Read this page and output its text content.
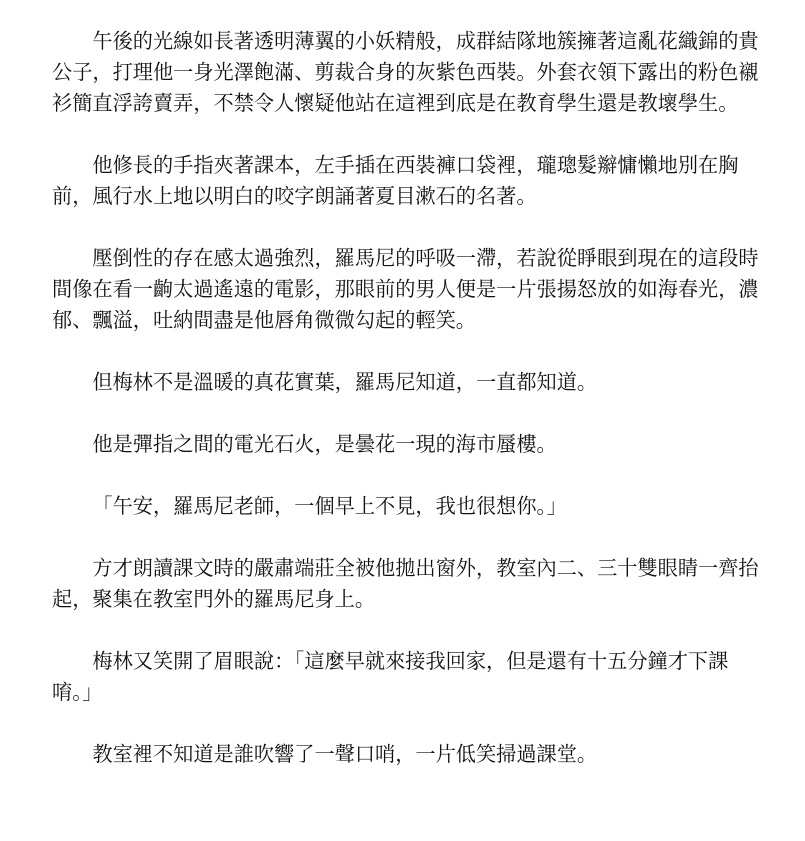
午後的光線如長著透明薄翼的小妖精般，成群結隊地簇擁著這亂花織錦的貴公子，打理他一身光澤飽滿、剪裁合身的灰紫色西裝。外套衣領下露出的粉色襯衫簡直浮誇賣弄，不禁令人懷疑他站在這裡到底是在教育學生還是教壞學生。

他修長的手指夾著課本，左手插在西裝褲口袋裡，瓏璁髮辮慵懶地別在胸前，風行水上地以明白的咬字朗誦著夏目漱石的名著。

壓倒性的存在感太過強烈，羅馬尼的呼吸一滯，若說從睜眼到現在的這段時間像在看一齣太過遙遠的電影，那眼前的男人便是一片張揚怒放的如海春光，濃郁、飄溢，吐納間盡是他唇角微微勾起的輕笑。

但梅林不是溫暖的真花實葉，羅馬尼知道，一直都知道。

他是彈指之間的電光石火，是曇花一現的海市蜃樓。

「午安，羅馬尼老師，一個早上不見，我也很想你。」

方才朗讀課文時的嚴肅端莊全被他拋出窗外，教室內二、三十雙眼睛一齊抬起，聚集在教室門外的羅馬尼身上。

梅林又笑開了眉眼說：「這麼早就來接我回家，但是還有十五分鐘才下課唷。」

教室裡不知道是誰吹響了一聲口哨，一片低笑掃過課堂。
